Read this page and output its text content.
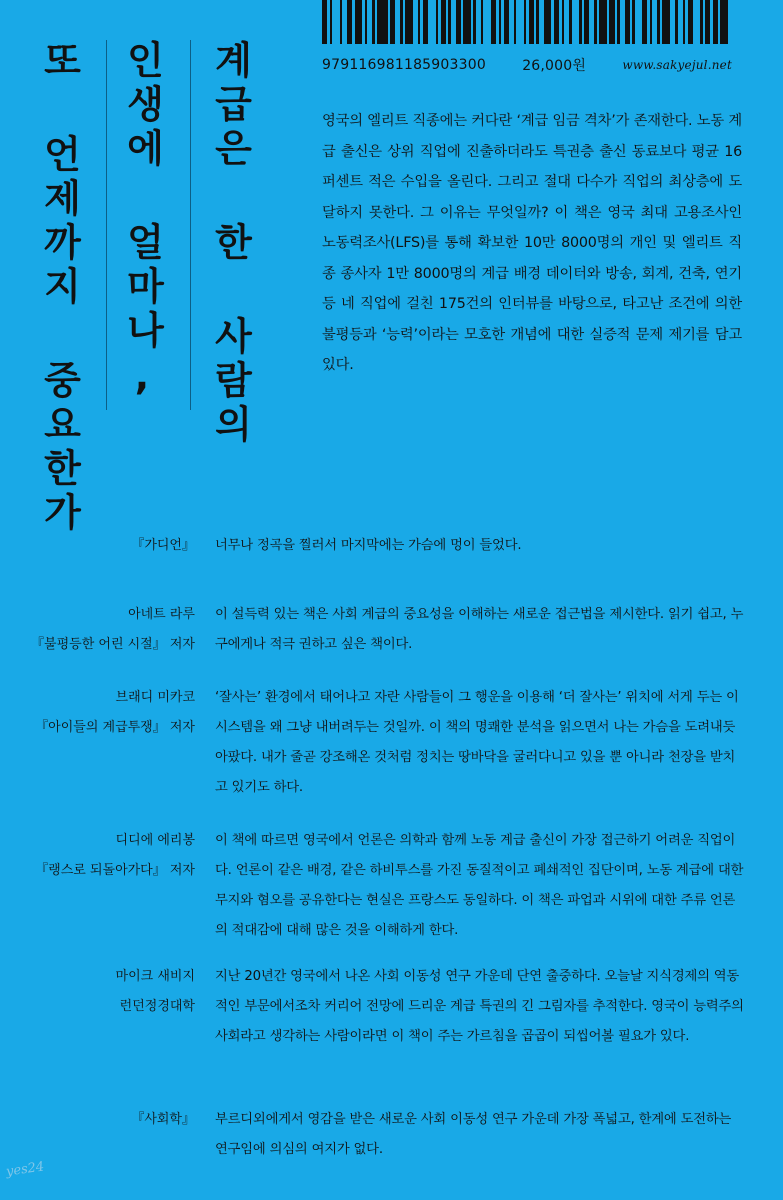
979116981185903300	26,000원	www.sakyejul.net
계급은 한 사람의
인생에 얼마나,
또 언제까지 중요한가	영국의 엘리트 직종에는 커다란 ‘계급 임금 격차’가 존재한다. 노동 계급 출신은 상위 직업에 진출하더라도 특권층 출신 동료보다 평균 16퍼센트 적은 수입을 올린다. 그리고 절대 다수가 직업의 최상층에 도달하지 못한다. 그 이유는 무엇일까? 이 책은 영국 최대 고용조사인 노동력조사(LFS)를 통해 확보한 10만 8000명의 개인 및 엘리트 직종 종사자 1만 8000명의 계급 배경 데이터와 방송, 회계, 건축, 연기 등 네 직업에 걸친 175건의 인터뷰를 바탕으로, 타고난 조건에 의한 불평등과 ‘능력’이라는 모호한 개념에 대한 실증적 문제 제기를 담고 있다.
『가디언』 너무나 정곡을 찔러서 마지막에는 가슴에 멍이 들었다.
아네트 라루
『불평등한 어린 시절』 저자
이 설득력 있는 책은 사회 계급의 중요성을 이해하는 새로운 접근법을 제시한다. 읽기 쉽고, 누구에게나 적극 권하고 싶은 책이다.
브래디 미카코
『아이들의 계급투쟁』 저자
‘잘사는’ 환경에서 태어나고 자란 사람들이 그 행운을 이용해 ‘더 잘사는’ 위치에 서게 두는 이 시스템을 왜 그냥 내버려두는 것일까. 이 책의 명쾌한 분석을 읽으면서 나는 가슴을 도려내듯 아팠다. 내가 줄곧 강조해온 것처럼 정치는 땅바닥을 굴러다니고 있을 뿐 아니라 천장을 받치고 있기도 하다.
디디에 에리봉
『랭스로 되돌아가다』 저자
이 책에 따르면 영국에서 언론은 의학과 함께 노동 계급 출신이 가장 접근하기 어려운 직업이다. 언론이 같은 배경, 같은 하비투스를 가진 동질적이고 폐쇄적인 집단이며, 노동 계급에 대한 무지와 혐오를 공유한다는 현실은 프랑스도 동일하다. 이 책은 파업과 시위에 대한 주류 언론의 적대감에 대해 많은 것을 이해하게 한다.
마이크 새비지
런던정경대학
지난 20년간 영국에서 나온 사회 이동성 연구 가운데 단연 출중하다. 오늘날 지식경제의 역동적인 부문에서조차 커리어 전망에 드리운 계급 특권의 긴 그림자를 추적한다. 영국이 능력주의 사회라고 생각하는 사람이라면 이 책이 주는 가르침을 곱곱이 되씹어볼 필요가 있다.
『사회학』 부르디외에게서 영감을 받은 새로운 사회 이동성 연구 가운데 가장 폭넓고, 한계에 도전하는 연구임에 의심의 여지가 없다.
yes24
